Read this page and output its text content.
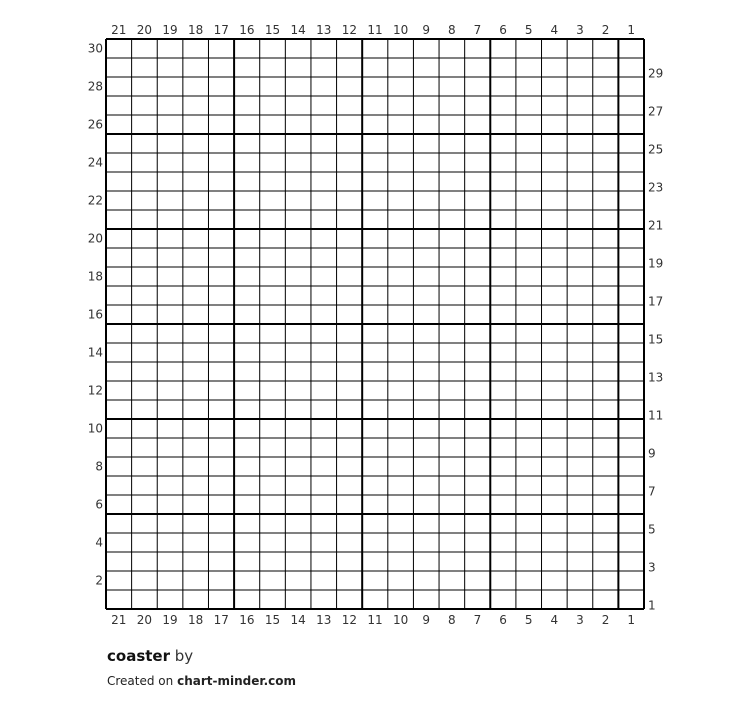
21 20 19 18 17 16 15 14 13 12 11 10 9 8 7 6 5 4 3 2 1
21 20 19 18 17 16 15 14 13 12 11 10 9 8 7 6 5 4 3 2 1
30
28
26
24
22
20
18
16
14
12
10
8
6
4
2
29
27
25
23
21
19
17
15
13
11
9
7
5
3
1
coaster by
Created on chart-minder.com
